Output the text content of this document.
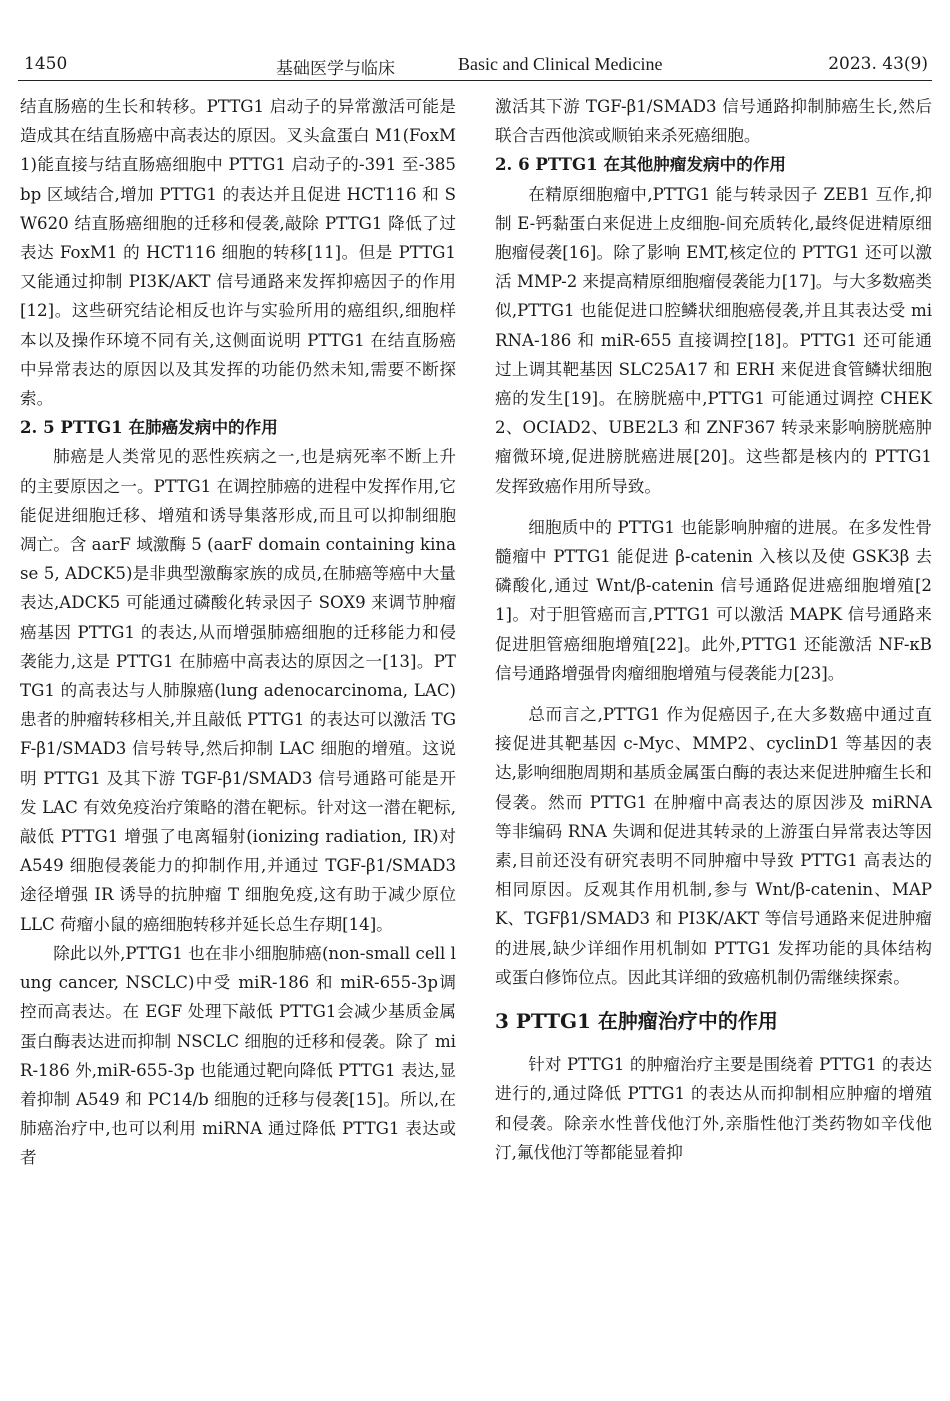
1450	基础医学与临床	Basic and Clinical Medicine	2023. 43(9)

结直肠癌的生长和转移。PTTG1 启动子的异常激活可能是造成其在结直肠癌中高表达的原因。叉头盒蛋白 M1(FoxM1)能直接与结直肠癌细胞中 PTTG1 启动子的-391 至-385 bp 区域结合,增加 PTTG1 的表达并且促进 HCT116 和 SW620 结直肠癌细胞的迁移和侵袭,敲除 PTTG1 降低了过表达 FoxM1 的 HCT116 细胞的转移[11]。但是 PTTG1 又能通过抑制 PI3K/AKT 信号通路来发挥抑癌因子的作用[12]。这些研究结论相反也许与实验所用的癌组织,细胞样本以及操作环境不同有关,这侧面说明 PTTG1 在结直肠癌中异常表达的原因以及其发挥的功能仍然未知,需要不断探索。

2. 5 PTTG1 在肺癌发病中的作用

肺癌是人类常见的恶性疾病之一,也是病死率不断上升的主要原因之一。PTTG1 在调控肺癌的进程中发挥作用,它能促进细胞迁移、增殖和诱导集落形成,而且可以抑制细胞凋亡。含 aarF 域激酶 5 (aarF domain containing kinase 5, ADCK5)是非典型激酶家族的成员,在肺癌等癌中大量表达,ADCK5 可能通过磷酸化转录因子 SOX9 来调节肿瘤癌基因 PTTG1 的表达,从而增强肺癌细胞的迁移能力和侵袭能力,这是 PTTG1 在肺癌中高表达的原因之一[13]。PTTG1 的高表达与人肺腺癌(lung adenocarcinoma, LAC)患者的肿瘤转移相关,并且敲低 PTTG1 的表达可以激活 TGF-β1/SMAD3 信号转导,然后抑制 LAC 细胞的增殖。这说明 PTTG1 及其下游 TGF-β1/SMAD3 信号通路可能是开发 LAC 有效免疫治疗策略的潜在靶标。针对这一潜在靶标,敲低 PTTG1 增强了电离辐射(ionizing radiation, IR)对 A549 细胞侵袭能力的抑制作用,并通过 TGF-β1/SMAD3 途径增强 IR 诱导的抗肿瘤 T 细胞免疫,这有助于减少原位 LLC 荷瘤小鼠的癌细胞转移并延长总生存期[14]。

除此以外,PTTG1 也在非小细胞肺癌(non-small cell lung cancer, NSCLC)中受 miR-186 和 miR-655-3p调控而高表达。在 EGF 处理下敲低 PTTG1会减少基质金属蛋白酶表达进而抑制 NSCLC 细胞的迁移和侵袭。除了 miR-186 外,miR-655-3p 也能通过靶向降低 PTTG1 表达,显着抑制 A549 和 PC14/b 细胞的迁移与侵袭[15]。所以,在肺癌治疗中,也可以利用 miRNA 通过降低 PTTG1 表达或者

激活其下游 TGF-β1/SMAD3 信号通路抑制肺癌生长,然后联合吉西他滨或顺铂来杀死癌细胞。

2. 6 PTTG1 在其他肿瘤发病中的作用

在精原细胞瘤中,PTTG1 能与转录因子 ZEB1 互作,抑制 E-钙黏蛋白来促进上皮细胞-间充质转化,最终促进精原细胞瘤侵袭[16]。除了影响 EMT,核定位的 PTTG1 还可以激活 MMP-2 来提高精原细胞瘤侵袭能力[17]。与大多数癌类似,PTTG1 也能促进口腔鳞状细胞癌侵袭,并且其表达受 miRNA-186 和 miR-655 直接调控[18]。PTTG1 还可能通过上调其靶基因 SLC25A17 和 ERH 来促进食管鳞状细胞癌的发生[19]。在膀胱癌中,PTTG1 可能通过调控 CHEK2、OCIAD2、UBE2L3 和 ZNF367 转录来影响膀胱癌肿瘤微环境,促进膀胱癌进展[20]。这些都是核内的 PTTG1 发挥致癌作用所导致。

细胞质中的 PTTG1 也能影响肿瘤的进展。在多发性骨髓瘤中 PTTG1 能促进 β-catenin 入核以及使 GSK3β 去磷酸化,通过 Wnt/β-catenin 信号通路促进癌细胞增殖[21]。对于胆管癌而言,PTTG1 可以激活 MAPK 信号通路来促进胆管癌细胞增殖[22]。此外,PTTG1 还能激活 NF-κB 信号通路增强骨肉瘤细胞增殖与侵袭能力[23]。

总而言之,PTTG1 作为促癌因子,在大多数癌中通过直接促进其靶基因 c-Myc、MMP2、cyclinD1 等基因的表达,影响细胞周期和基质金属蛋白酶的表达来促进肿瘤生长和侵袭。然而 PTTG1 在肿瘤中高表达的原因涉及 miRNA 等非编码 RNA 失调和促进其转录的上游蛋白异常表达等因素,目前还没有研究表明不同肿瘤中导致 PTTG1 高表达的相同原因。反观其作用机制,参与 Wnt/β-catenin、MAPK、TGFβ1/SMAD3 和 PI3K/AKT 等信号通路来促进肿瘤的进展,缺少详细作用机制如 PTTG1 发挥功能的具体结构或蛋白修饰位点。因此其详细的致癌机制仍需继续探索。

3 PTTG1 在肿瘤治疗中的作用

针对 PTTG1 的肿瘤治疗主要是围绕着 PTTG1 的表达进行的,通过降低 PTTG1 的表达从而抑制相应肿瘤的增殖和侵袭。除亲水性普伐他汀外,亲脂性他汀类药物如辛伐他汀,氟伐他汀等都能显着抑
